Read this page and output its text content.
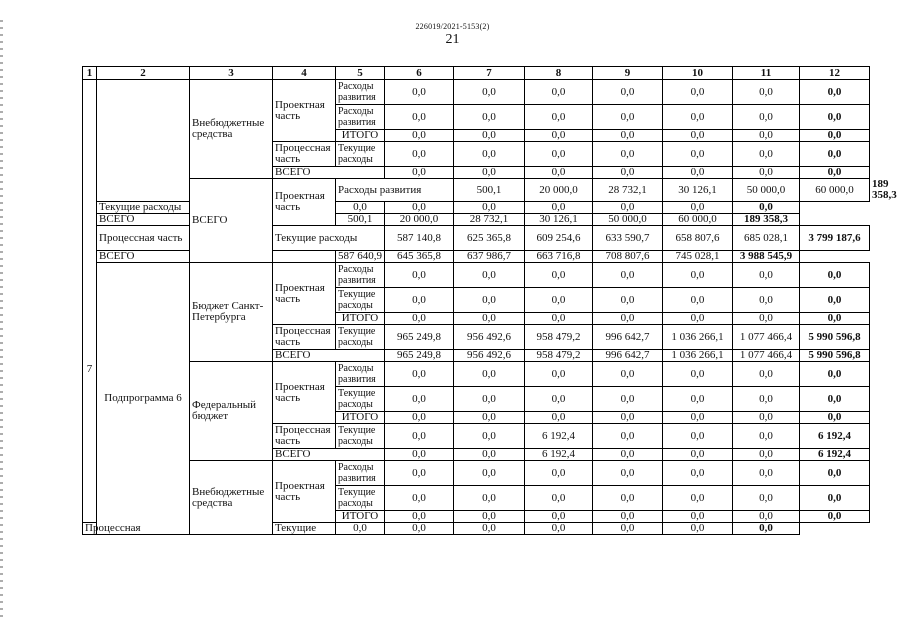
226019/2021-5153(2)
21
1	2	3	4	5	6	7	8	9	10	11	12	
7		Внебюджетные средства	Проектная часть	Расходы развития	0,0	0,0	0,0	0,0	0,0	0,0	0,0	
				Расходы развития	0,0	0,0	0,0	0,0	0,0	0,0	0,0	
				ИТОГО	0,0	0,0	0,0	0,0	0,0	0,0	0,0	
			Процессная часть	Текущие расходы	0,0	0,0	0,0	0,0	0,0	0,0	0,0	
			ВСЕГО		0,0	0,0	0,0	0,0	0,0	0,0	0,0	
		ВСЕГО	Проектная часть	Расходы развития		500,1	20 000,0	28 732,1	30 126,1	50 000,0	60 000,0	189 358,3
	Текущие расходы			0,0	0,0	0,0	0,0	0,0	0,0	0,0		
	ВСЕГО			500,1	20 000,0	28 732,1	30 126,1	50 000,0	60 000,0	189 358,3		
	Процессная часть		Текущие расходы		587 140,8	625 365,8	609 254,6	633 590,7	658 807,6	685 028,1	3 799 187,6	
	ВСЕГО			587 640,9	645 365,8	637 986,7	663 716,8	708 807,6	745 028,1	3 988 545,9		
	Подпрограмма 6	Бюджет Санкт-Петербурга	Проектная часть	Расходы развития	0,0	0,0	0,0	0,0	0,0	0,0	0,0	
				Текущие расходы	0,0	0,0	0,0	0,0	0,0	0,0	0,0	
				ИТОГО	0,0	0,0	0,0	0,0	0,0	0,0	0,0	
			Процессная часть	Текущие расходы	965 249,8	956 492,6	958 479,2	996 642,7	1 036 266,1	1 077 466,4	5 990 596,8	
			ВСЕГО		965 249,8	956 492,6	958 479,2	996 642,7	1 036 266,1	1 077 466,4	5 990 596,8	
		Федеральный бюджет	Проектная часть	Расходы развития	0,0	0,0	0,0	0,0	0,0	0,0	0,0	
				Текущие расходы	0,0	0,0	0,0	0,0	0,0	0,0	0,0	
				ИТОГО	0,0	0,0	0,0	0,0	0,0	0,0	0,0	
			Процессная часть	Текущие расходы	0,0	0,0	6 192,4	0,0	0,0	0,0	6 192,4	
			ВСЕГО		0,0	0,0	6 192,4	0,0	0,0	0,0	6 192,4	
		Внебюджетные средства	Проектная часть	Расходы развития	0,0	0,0	0,0	0,0	0,0	0,0	0,0	
				Текущие расходы	0,0	0,0	0,0	0,0	0,0	0,0	0,0	
				ИТОГО	0,0	0,0	0,0	0,0	0,0	0,0	0,0	
Процессная			Текущие	0,0	0,0	0,0	0,0	0,0	0,0	0,0		
